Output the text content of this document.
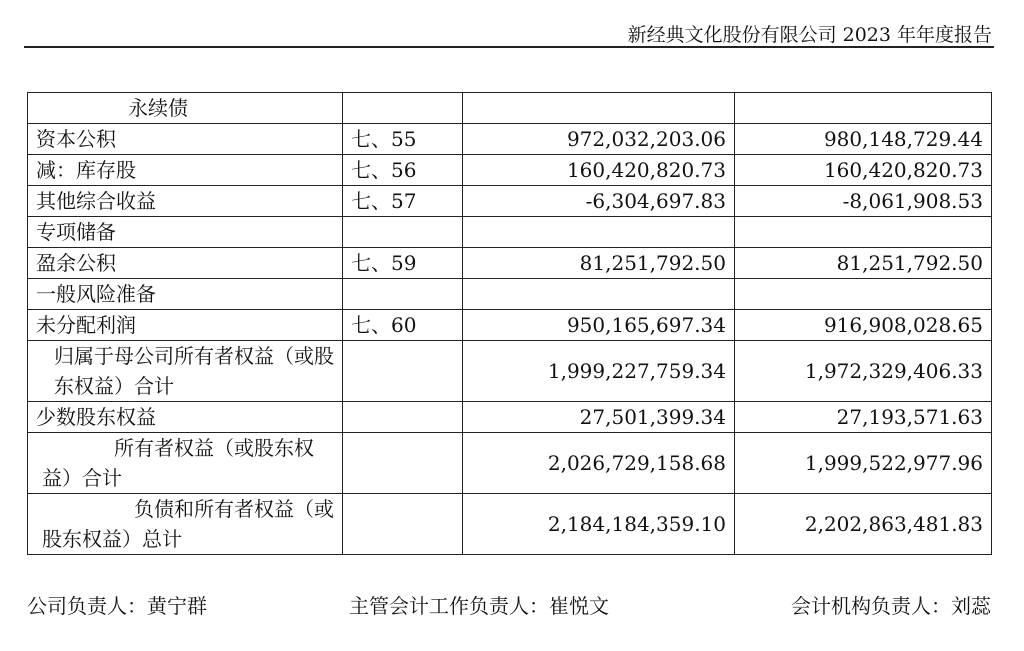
新经典文化股份有限公司 2023 年年度报告
永续债			
资本公积	七、55	972,032,203.06	980,148,729.44
减：库存股	七、56	160,420,820.73	160,420,820.73
其他综合收益	七、57	-6,304,697.83	-8,061,908.53
专项储备			
盈余公积	七、59	81,251,792.50	81,251,792.50
一般风险准备			
未分配利润	七、60	950,165,697.34	916,908,028.65
归属于母公司所有者权益（或股东权益）合计		1,999,227,759.34	1,972,329,406.33
少数股东权益		27,501,399.34	27,193,571.63
所有者权益（或股东权益）合计		2,026,729,158.68	1,999,522,977.96
负债和所有者权益（或股东权益）总计		2,184,184,359.10	2,202,863,481.83
公司负责人：黄宁群	主管会计工作负责人：崔悦文	会计机构负责人：刘蕊
